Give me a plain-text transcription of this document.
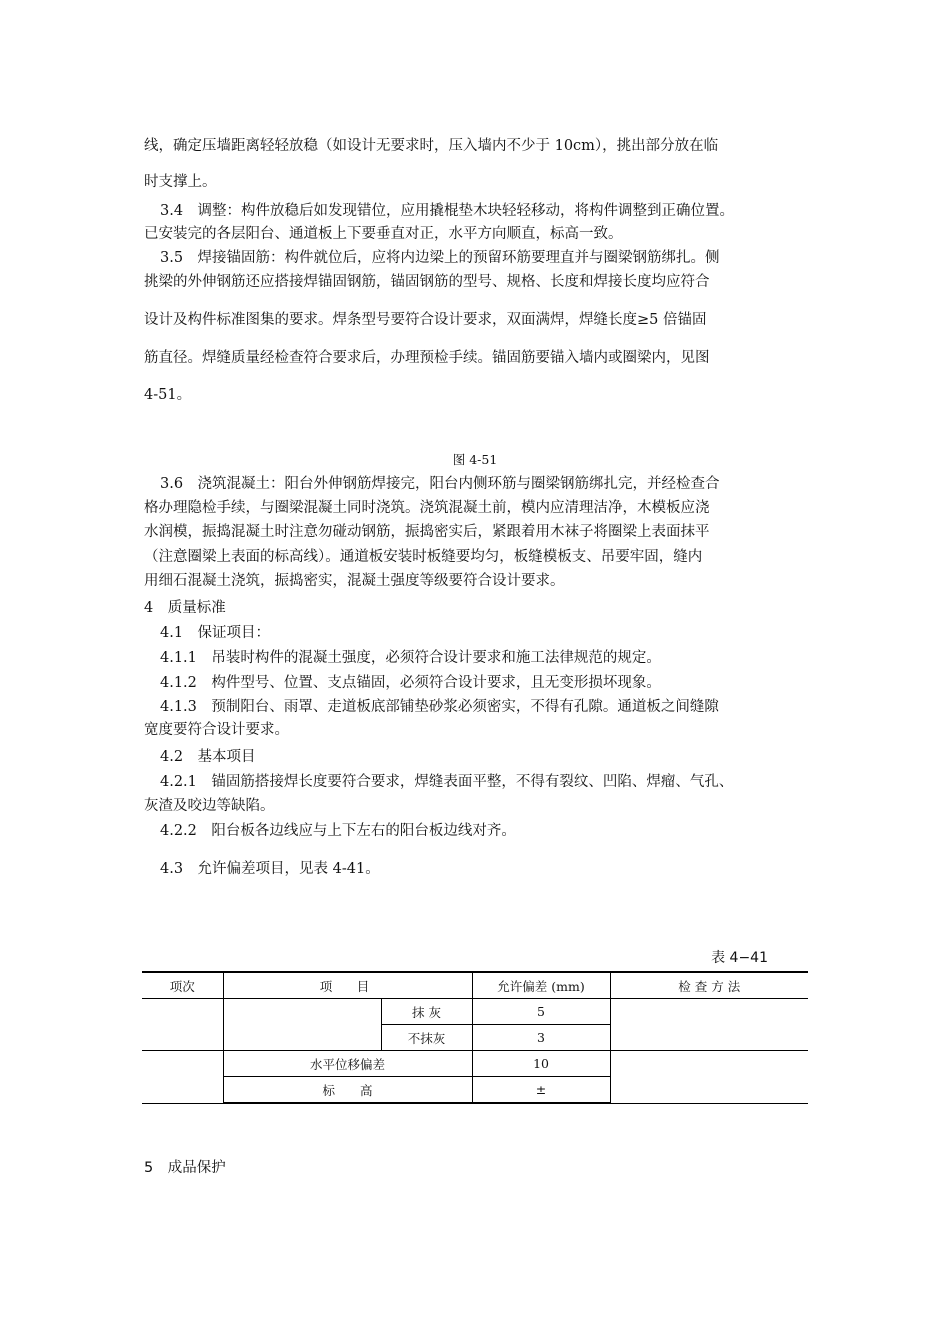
线，确定压墙距离轻轻放稳（如设计无要求时，压入墙内不少于 10cm），挑出部分放在临
时支撑上。
3.4　调整：构件放稳后如发现错位，应用撬棍垫木块轻轻移动，将构件调整到正确位置。
已安装完的各层阳台、通道板上下要垂直对正，水平方向顺直，标高一致。
3.5　焊接锚固筋：构件就位后，应将内边梁上的预留环筋要理直并与圈梁钢筋绑扎。侧
挑梁的外伸钢筋还应搭接焊锚固钢筋，锚固钢筋的型号、规格、长度和焊接长度均应符合
设计及构件标准图集的要求。焊条型号要符合设计要求，双面满焊，焊缝长度≥5 倍锚固
筋直径。焊缝质量经检查符合要求后，办理预检手续。锚固筋要锚入墙内或圈梁内，见图
4-51。
图 4-51
3.6　浇筑混凝土：阳台外伸钢筋焊接完，阳台内侧环筋与圈梁钢筋绑扎完，并经检查合
格办理隐检手续，与圈梁混凝土同时浇筑。浇筑混凝土前，模内应清理洁净，木模板应浇
水润模，振捣混凝土时注意勿碰动钢筋，振捣密实后，紧跟着用木袜子将圈梁上表面抹平
（注意圈梁上表面的标高线）。通道板安装时板缝要均匀，板缝模板支、吊要牢固，缝内
用细石混凝土浇筑，振捣密实，混凝土强度等级要符合设计要求。
4　质量标准
4.1　保证项目：
4.1.1　吊装时构件的混凝土强度，必须符合设计要求和施工法律规范的规定。
4.1.2　构件型号、位置、支点锚固，必须符合设计要求，且无变形损坏现象。
4.1.3　预制阳台、雨罩、走道板底部铺垫砂浆必须密实，不得有孔隙。通道板之间缝隙
宽度要符合设计要求。
4.2　基本项目
4.2.1　锚固筋搭接焊长度要符合要求，焊缝表面平整，不得有裂纹、凹陷、焊瘤、气孔、
灰渣及咬边等缺陷。
4.2.2　阳台板各边线应与上下左右的阳台板边线对齐。
4.3　允许偏差项目，见表 4-41。
表 4−41
项次	项　目		允许偏差 (mm)	检 查 方 法
		抹 灰	5	
		不抹灰	3	
	水平位移偏差		10	
	标　　高		±	
5　成品保护
